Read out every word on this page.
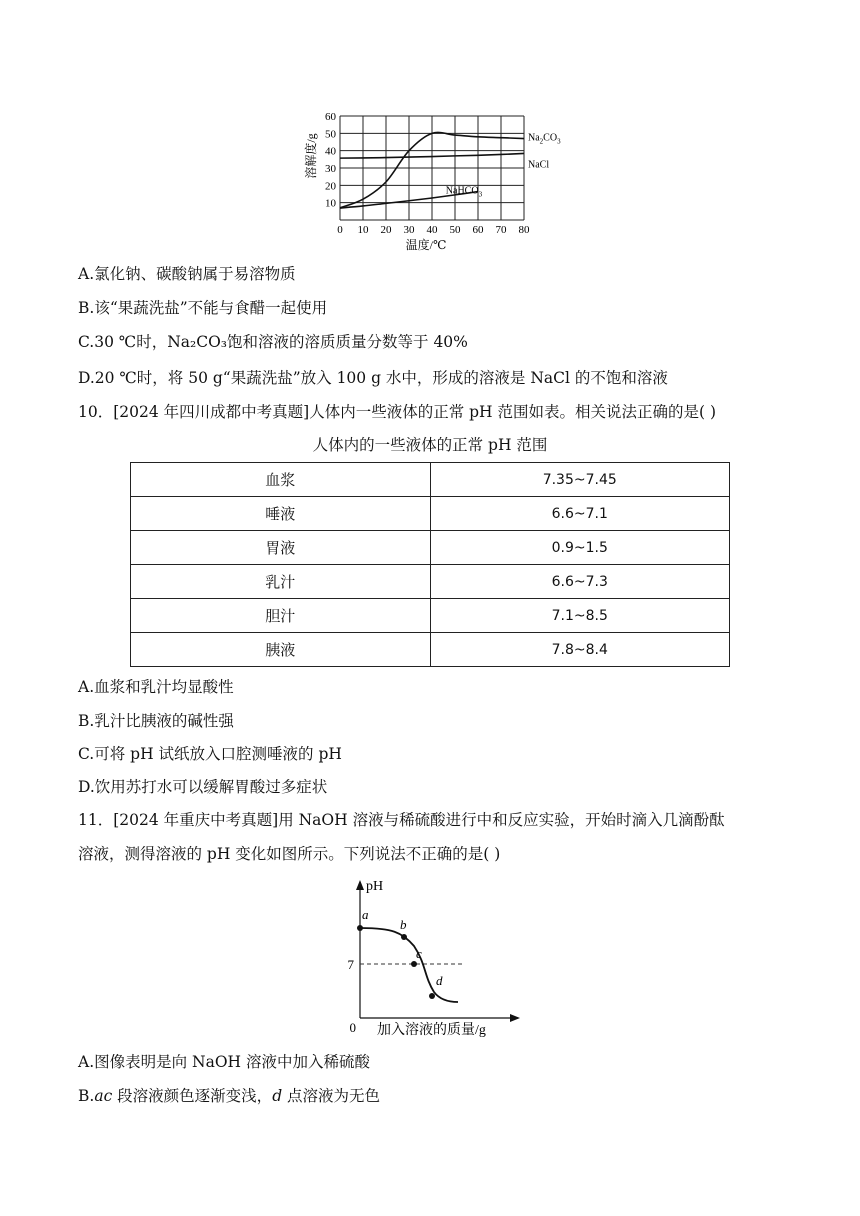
0 10 20 30 40 50 60 70 80
10
20
30
40
50
60
温度/℃
溶解度/g	$Na_2CO_3$
NaCl
NaHCO$_3$
A.氯化钠、碳酸钠属于易溶物质
B.该“果蔬洗盐”不能与食醋一起使用
C.30 ℃时，Na₂CO₃饱和溶液的溶质质量分数等于 40%
D.20 ℃时，将 50 g“果蔬洗盐”放入 100 g 水中，形成的溶液是 NaCl 的不饱和溶液
10．[2024 年四川成都中考真题]人体内一些液体的正常 pH 范围如表。相关说法正确的是( )
人体内的一些液体的正常 pH 范围
血浆	7.35~7.45
唾液	6.6~7.1
胃液	0.9~1.5
乳汁	6.6~7.3
胆汁	7.1~8.5
胰液	7.8~8.4
A.血浆和乳汁均显酸性
B.乳汁比胰液的碱性强
C.可将 pH 试纸放入口腔测唾液的 pH
D.饮用苏打水可以缓解胃酸过多症状
11．[2024 年重庆中考真题]用 NaOH 溶液与稀硫酸进行中和反应实验，开始时滴入几滴酚酞
溶液，测得溶液的 pH 变化如图所示。下列说法不正确的是( )
pH
0 加入溶液的质量/g
7
a
b
c
d
A.图像表明是向 NaOH 溶液中加入稀硫酸
B.ac 段溶液颜色逐渐变浅，d 点溶液为无色
